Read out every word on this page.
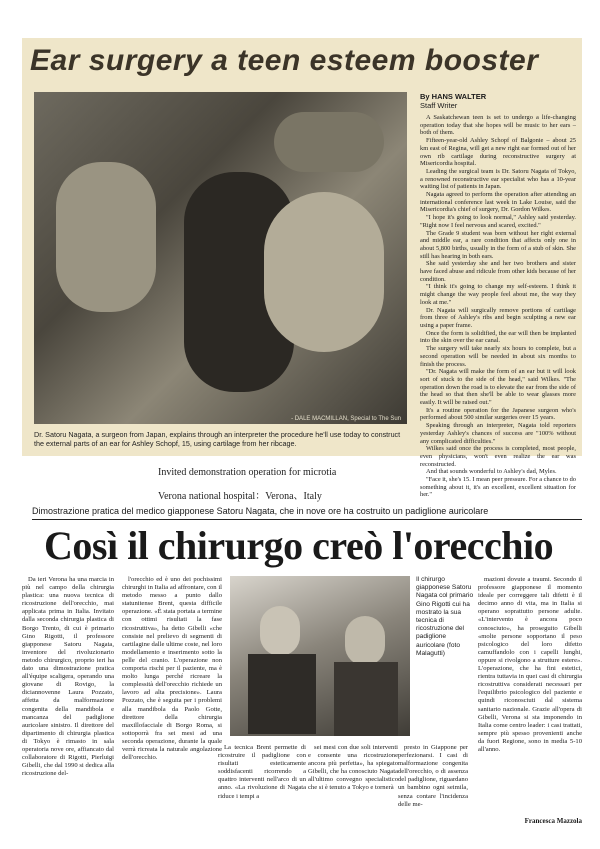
Ear surgery a teen esteem booster
- DALE MACMILLAN, Special to The Sun
Dr. Satoru Nagata, a surgeon from Japan, explains through an interpreter the procedure he'll use today to construct the external parts of an ear for Ashley Schopf, 15, using cartilage from her ribcage.
By HANS WALTER
Staff Writer

A Saskatchewan teen is set to undergo a life-changing operation today that she hopes will be music to her ears – both of them.

Fifteen-year-old Ashley Schopf of Balgonie – about 25 km east of Regina, will get a new right ear formed out of her own rib cartilage during reconstructive surgery at Misericordia hospital.

Leading the surgical team is Dr. Satoru Nagata of Tokyo, a renowned reconstructive ear specialist who has a 10-year waiting list of patients in Japan.

Nagata agreed to perform the operation after attending an international conference last week in Lake Louise, said the Misericordia's chief of surgery, Dr. Gordon Wilkes.

"I hope it's going to look normal," Ashley said yesterday. "Right now I feel nervous and scared, excited."

The Grade 9 student was born without her right external and middle ear, a rare condition that affects only one in about 5,800 births, usually in the form of a stub of skin. She still has hearing in both ears.

She said yesterday she and her two brothers and sister have faced abuse and ridicule from other kids because of her condition.

"I think it's going to change my self-esteem. I think it might change the way people feel about me, the way they look at me."

Dr. Nagata will surgically remove portions of cartilage from three of Ashley's ribs and begin sculpting a new ear using a paper frame.

Once the form is solidified, the ear will then be implanted into the skin over the ear canal.

The surgery will take nearly six hours to complete, but a second operation will be needed in about six months to finish the process.

"Dr. Nagata will make the form of an ear but it will look sort of stuck to the side of the head," said Wilkes. "The operation down the road is to elevate the ear from the side of the head so that then she'll be able to wear glasses more easily. It will be raised out."

It's a routine operation for the Japanese surgeon who's performed about 500 similar surgeries over 15 years.

Speaking through an interpreter, Nagata told reporters yesterday Ashley's chances of success are "100% without any complicated difficulties."

Wilkes said once the process is completed, most people, even physicians, won't even realize the ear was reconstructed.

And that sounds wonderful to Ashley's dad, Myles.

"Face it, she's 15. I mean peer pressure. For a chance to do something about it, it's an excellent, excellent situation for her."

Invited demonstration operation for microtia
Verona national hospital：Verona、Italy
Dimostrazione pratica del medico giapponese Satoru Nagata, che in nove ore ha costruito un padiglione auricolare
Così il chirurgo creò l'orecchio

Da ieri Verona ha una marcia in più nel campo della chirurgia plastica: una nuova tecnica di ricostruzione dell'orecchio, mai applicata prima in Italia. Invitato dalla seconda chirurgia plastica di Borgo Trento, di cui è primario Gino Rigotti, il professore giapponese Satoru Nagata, inventore del rivoluzionario metodo chirurgico, proprio ieri ha dato una dimostrazione pratica all'équipe scaligera, operando una giovane di Rovigo, la diciannovenne Laura Pozzato, affetta da malformazione congenita della mandibola e mancanza del padiglione auricolare sinistro. Il direttore del dipartimento di chirurgia plastica di Tokyo è rimasto in sala operatoria nove ore, affiancato dal collaboratore di Rigotti, Pierluigi Gibelli, che dal 1990 si dedica alla ricostruzione del-

l'orecchio ed è uno dei pochissimi chirurghi in Italia ad affrontare, con il metodo messo a punto dallo statunitense Brent, questa difficile operazione. «È stata portata a termine con ottimi risultati la fase ricostruttiva», ha detto Gibelli «che consiste nel prelievo di segmenti di cartilagine dalle ultime coste, nel loro modellamento e inserimento sotto la pelle del cranio. L'operazione non comporta rischi per il paziente, ma è molto lunga perché ricreare la complessità dell'orecchio richiede un lavoro ad alta precisione». Laura Pozzato, che è seguita per i problemi alla mandibola da Paolo Gotte, direttore della chirurgia maxillofacciale di Borgo Roma, si sottoporrà fra sei mesi ad una seconda operazione, durante la quale verrà ricreata la naturale angolazione dell'orecchio.

Il chirurgo giapponese Satoru Nagata col primario Gino Rigotti cui ha mostrato la sua tecnica di ricostruzione del padiglione auricolare (foto Malagutti)

La tecnica Brent permette di ricostruire il padiglione con risultati esteticamente soddisfacenti ricorrendo a quattro interventi nell'arco di un anno. «La rivoluzione di Nagata riduce i tempi a

sei mesi con due soli interventi e consente una ricostruzione ancora più perfetta», ha spiegato Gibelli, che ha conosciuto Nagata all'ultimo convegno specialistico che si è tenuto a Tokyo e tornerà

presto in Giappone per perfezionarsi. I casi di malformazione congenita dell'orecchio, o di assenza del padiglione, riguardano un bambino ogni seimila, senza contare l'incidenza delle me-

mazioni dovute a traumi. Secondo il professore giapponese il momento ideale per correggere tali difetti è il decimo anno di vita, ma in Italia si operano soprattutto persone adulte. «L'intervento è ancora poco conosciuto», ha proseguito Gibelli «molte persone sopportano il peso psicologico del loro difetto camuffandolo con i capelli lunghi, oppure si rivolgono a strutture estere». L'operazione, che ha fini estetici, rientra tuttavia in quei casi di chirurgia ricostruttiva considerati necessari per l'equilibrio psicologico del paziente e quindi riconosciuti dal sistema sanitario nazionale. Grazie all'opera di Gibelli, Verona si sta imponendo in Italia come centro leader: i casi trattati, sempre più spesso provenienti anche da fuori Regione, sono in media 5-10 all'anno.

Francesca Mazzola
